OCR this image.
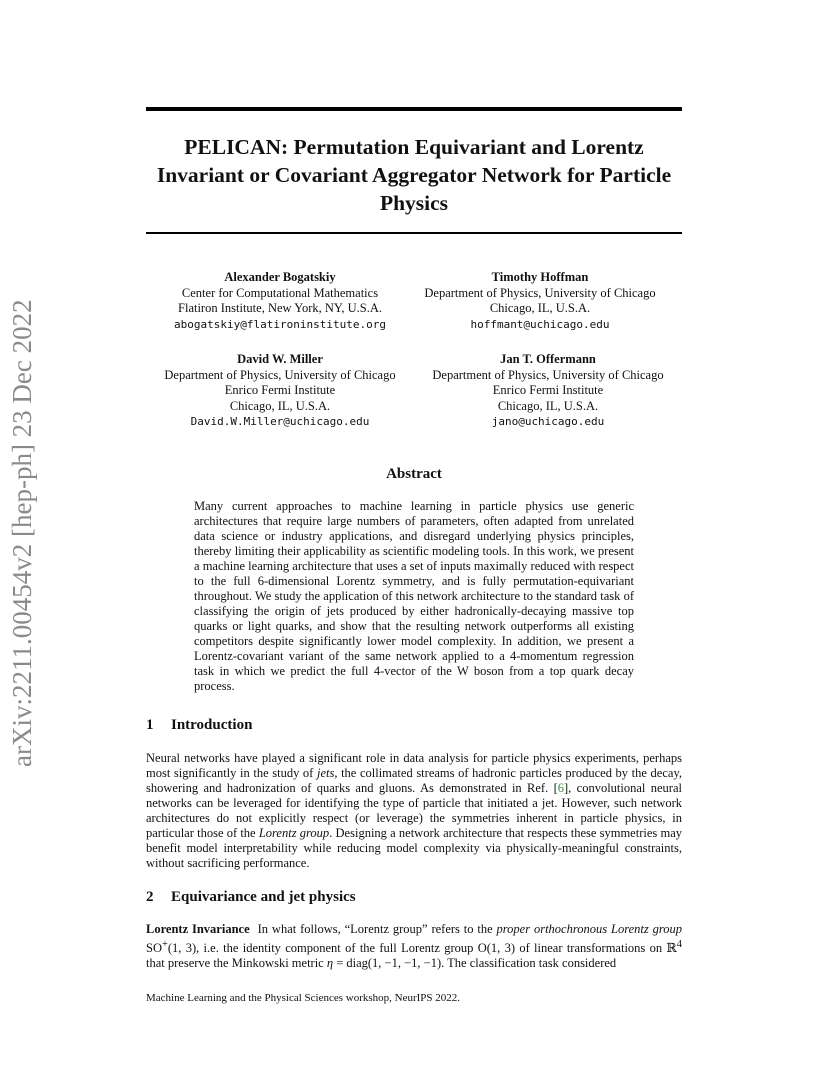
arXiv:2211.00454v2 [hep-ph] 23 Dec 2022
PELICAN: Permutation Equivariant and Lorentz Invariant or Covariant Aggregator Network for Particle Physics
Alexander Bogatskiy
Center for Computational Mathematics
Flatiron Institute, New York, NY, U.S.A.
abogatskiy@flatironinstitute.org
Timothy Hoffman
Department of Physics, University of Chicago
Chicago, IL, U.S.A.
hoffmant@uchicago.edu
David W. Miller
Department of Physics, University of Chicago
Enrico Fermi Institute
Chicago, IL, U.S.A.
David.W.Miller@uchicago.edu
Jan T. Offermann
Department of Physics, University of Chicago
Enrico Fermi Institute
Chicago, IL, U.S.A.
jano@uchicago.edu
Abstract

Many current approaches to machine learning in particle physics use generic architectures that require large numbers of parameters, often adapted from unrelated data science or industry applications, and disregard underlying physics principles, thereby limiting their applicability as scientific modeling tools. In this work, we present a machine learning architecture that uses a set of inputs maximally reduced with respect to the full 6-dimensional Lorentz symmetry, and is fully permutation-equivariant throughout. We study the application of this network architecture to the standard task of classifying the origin of jets produced by either hadronically-decaying massive top quarks or light quarks, and show that the resulting network outperforms all existing competitors despite significantly lower model complexity. In addition, we present a Lorentz-covariant variant of the same network applied to a 4-momentum regression task in which we predict the full 4-vector of the W boson from a top quark decay process.

1 Introduction

Neural networks have played a significant role in data analysis for particle physics experiments, perhaps most significantly in the study of jets, the collimated streams of hadronic particles produced by the decay, showering and hadronization of quarks and gluons. As demonstrated in Ref. [6], convolutional neural networks can be leveraged for identifying the type of particle that initiated a jet. However, such network architectures do not explicitly respect (or leverage) the symmetries inherent in particle physics, in particular those of the Lorentz group. Designing a network architecture that respects these symmetries may benefit model interpretability while reducing model complexity via physically-meaningful constraints, without sacrificing performance.

2 Equivariance and jet physics

Lorentz Invariance In what follows, “Lorentz group” refers to the proper orthochronous Lorentz group SO+(1, 3), i.e. the identity component of the full Lorentz group O(1, 3) of linear transformations on ℝ$^4$ that preserve the Minkowski metric η = diag(1, −1, −1, −1). The classification task considered

Machine Learning and the Physical Sciences workshop, NeurIPS 2022.
